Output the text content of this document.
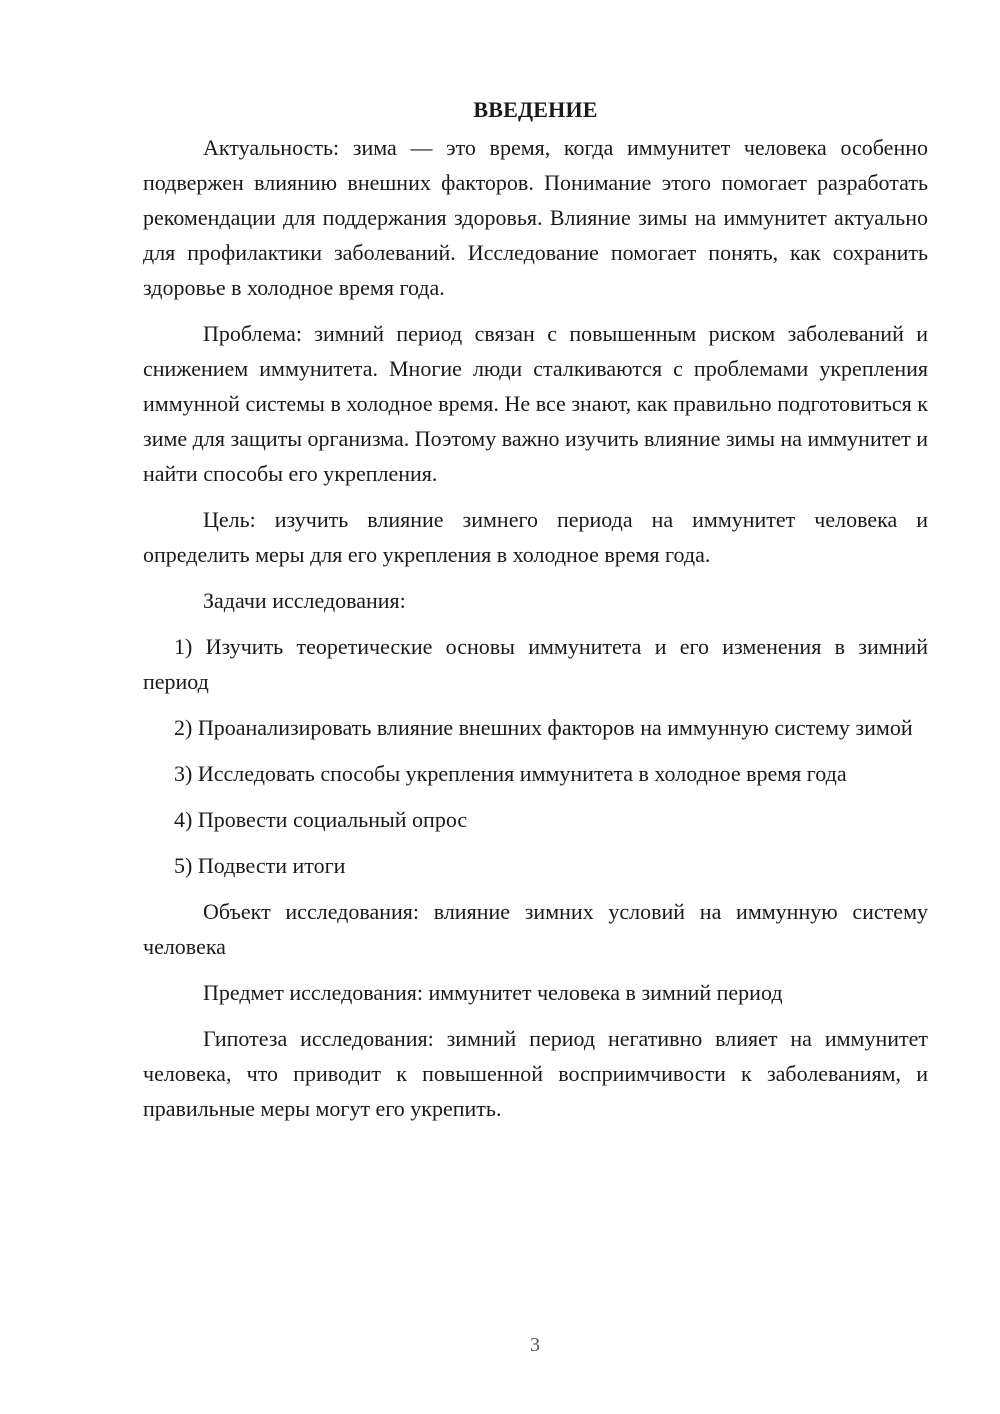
ВВЕДЕНИЕ

Актуальность: зима — это время, когда иммунитет человека особенно подвержен влиянию внешних факторов. Понимание этого помогает разработать рекомендации для поддержания здоровья. Влияние зимы на иммунитет актуально для профилактики заболеваний. Исследование помогает понять, как сохранить здоровье в холодное время года.

Проблема: зимний период связан с повышенным риском заболеваний и снижением иммунитета. Многие люди сталкиваются с проблемами укрепления иммунной системы в холодное время. Не все знают, как правильно подготовиться к зиме для защиты организма. Поэтому важно изучить влияние зимы на иммунитет и найти способы его укрепления.

Цель: изучить влияние зимнего периода на иммунитет человека и определить меры для его укрепления в холодное время года.

Задачи исследования:

1) Изучить теоретические основы иммунитета и его изменения в зимний период

2) Проанализировать влияние внешних факторов на иммунную систему зимой

3) Исследовать способы укрепления иммунитета в холодное время года

4) Провести социальный опрос

5) Подвести итоги

Объект исследования: влияние зимних условий на иммунную систему человека

Предмет исследования: иммунитет человека в зимний период

Гипотеза исследования: зимний период негативно влияет на иммунитет человека, что приводит к повышенной восприимчивости к заболеваниям, и правильные меры могут его укрепить.

3
